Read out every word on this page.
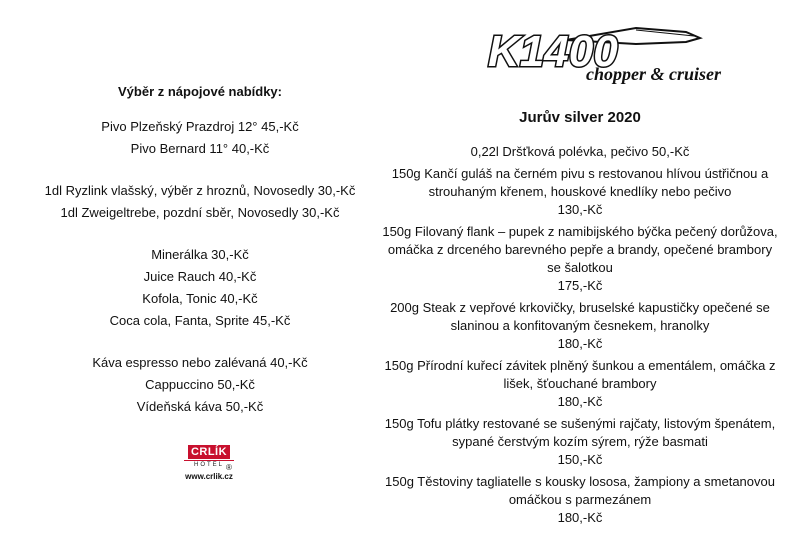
Výběr z nápojové nabídky:
Pivo Plzeňský Prazdroj 12° 45,-Kč
Pivo Bernard 11° 40,-Kč
1dl Ryzlink vlašský, výběr z hroznů, Novosedly 30,-Kč
1dl Zweigeltrebe, pozdní sběr, Novosedly 30,-Kč
Minerálka 30,-Kč
Juice Rauch 40,-Kč
Kofola, Tonic 40,-Kč
Coca cola, Fanta, Sprite 45,-Kč
Káva espresso nebo zalévaná 40,-Kč
Cappuccino 50,-Kč
Vídeňská káva 50,-Kč
CRLÍK
HOTEL ®
www.crlik.cz
K1400
chopper & cruiser
Jurův silver 2020
0,22l Dršťková polévka, pečivo 50,-Kč
150g Kančí guláš na černém pivu s restovanou hlívou ústřičnou a strouhaným křenem, houskové knedlíky nebo pečivo
130,-Kč
150g Filovaný flank – pupek z namibijského býčka pečený dorůžova, omáčka z drceného barevného pepře a brandy, opečené brambory se šalotkou
175,-Kč
200g Steak z vepřové krkovičky, bruselské kapustičky opečené se slaninou a konfitovaným česnekem, hranolky
180,-Kč
150g Přírodní kuřecí závitek plněný šunkou a ementálem, omáčka z lišek, šťouchané brambory
180,-Kč
150g Tofu plátky restované se sušenými rajčaty, listovým špenátem, sypané čerstvým kozím sýrem, rýže basmati
150,-Kč
150g Těstoviny tagliatelle s kousky lososa, žampiony a smetanovou omáčkou s parmezánem
180,-Kč
